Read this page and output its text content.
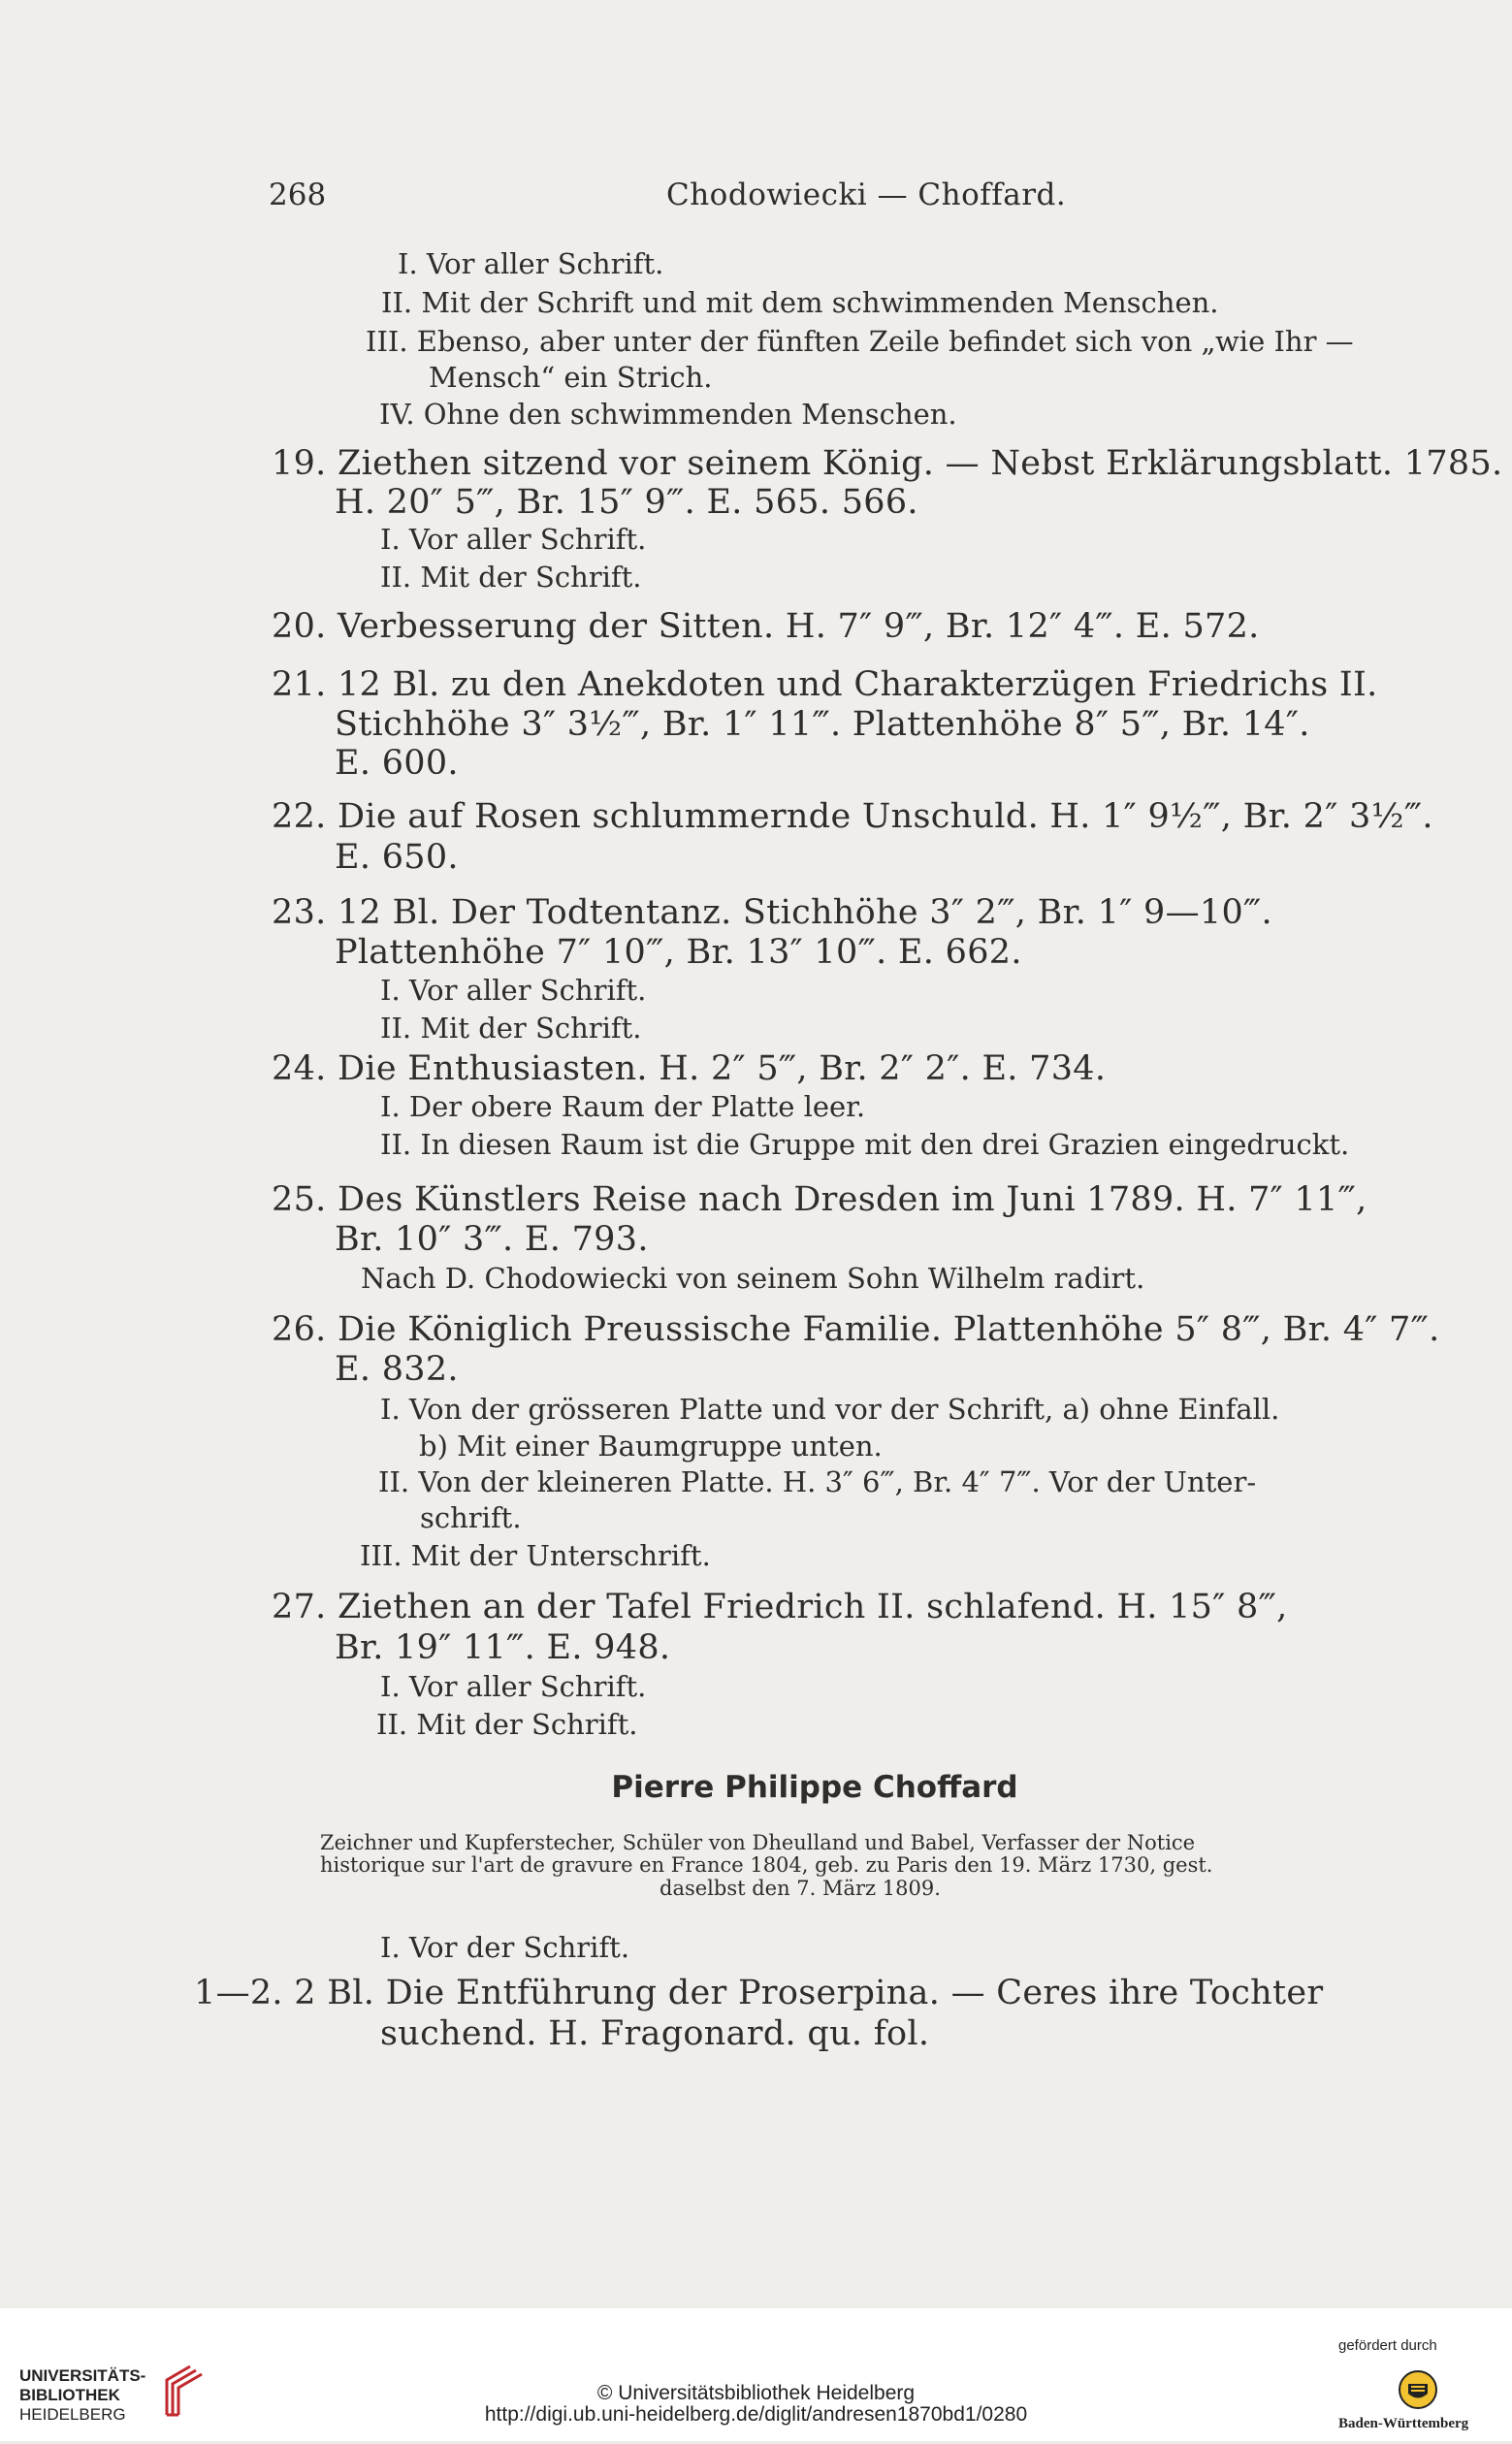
268	Chodowiecki — Choffard.
I. Vor aller Schrift.
II. Mit der Schrift und mit dem schwimmenden Menschen.
III. Ebenso, aber unter der fünften Zeile befindet sich von „wie Ihr —
Mensch“ ein Strich.
IV. Ohne den schwimmenden Menschen.
19. Ziethen sitzend vor seinem König. — Nebst Erklärungsblatt. 1785.
H. 20″ 5‴, Br. 15″ 9‴. E. 565. 566.
I. Vor aller Schrift.
II. Mit der Schrift.
20. Verbesserung der Sitten. H. 7″ 9‴, Br. 12″ 4‴. E. 572.
21. 12 Bl. zu den Anekdoten und Charakterzügen Friedrichs II.
Stichhöhe 3″ 3½‴, Br. 1″ 11‴. Plattenhöhe 8″ 5‴, Br. 14″.
E. 600.
22. Die auf Rosen schlummernde Unschuld. H. 1″ 9½‴, Br. 2″ 3½‴.
E. 650.
23. 12 Bl. Der Todtentanz. Stichhöhe 3″ 2‴, Br. 1″ 9—10‴.
Plattenhöhe 7″ 10‴, Br. 13″ 10‴. E. 662.
I. Vor aller Schrift.
II. Mit der Schrift.
24. Die Enthusiasten. H. 2″ 5‴, Br. 2″ 2″. E. 734.
I. Der obere Raum der Platte leer.
II. In diesen Raum ist die Gruppe mit den drei Grazien eingedruckt.
25. Des Künstlers Reise nach Dresden im Juni 1789. H. 7″ 11‴,
Br. 10″ 3‴. E. 793.
Nach D. Chodowiecki von seinem Sohn Wilhelm radirt.
26. Die Königlich Preussische Familie. Plattenhöhe 5″ 8‴, Br. 4″ 7‴.
E. 832.
I. Von der grösseren Platte und vor der Schrift, a) ohne Einfall.
b) Mit einer Baumgruppe unten.
II. Von der kleineren Platte. H. 3″ 6‴, Br. 4″ 7‴. Vor der Unter-
schrift.
III. Mit der Unterschrift.
27. Ziethen an der Tafel Friedrich II. schlafend. H. 15″ 8‴,
Br. 19″ 11‴. E. 948.
I. Vor aller Schrift.
II. Mit der Schrift.
Pierre Philippe Choffard
Zeichner und Kupferstecher, Schüler von Dheulland und Babel, Verfasser der Notice
historique sur l'art de gravure en France 1804, geb. zu Paris den 19. März 1730, gest.
daselbst den 7. März 1809.
I. Vor der Schrift.
1—2. 2 Bl. Die Entführung der Proserpina. — Ceres ihre Tochter
suchend. H. Fragonard. qu. fol.
UNIVERSITÄTS-
BIBLIOTHEK
HEIDELBERG
© Universitätsbibliothek Heidelberg
http://digi.ub.uni-heidelberg.de/diglit/andresen1870bd1/0280
gefördert durch
Baden-Württemberg
